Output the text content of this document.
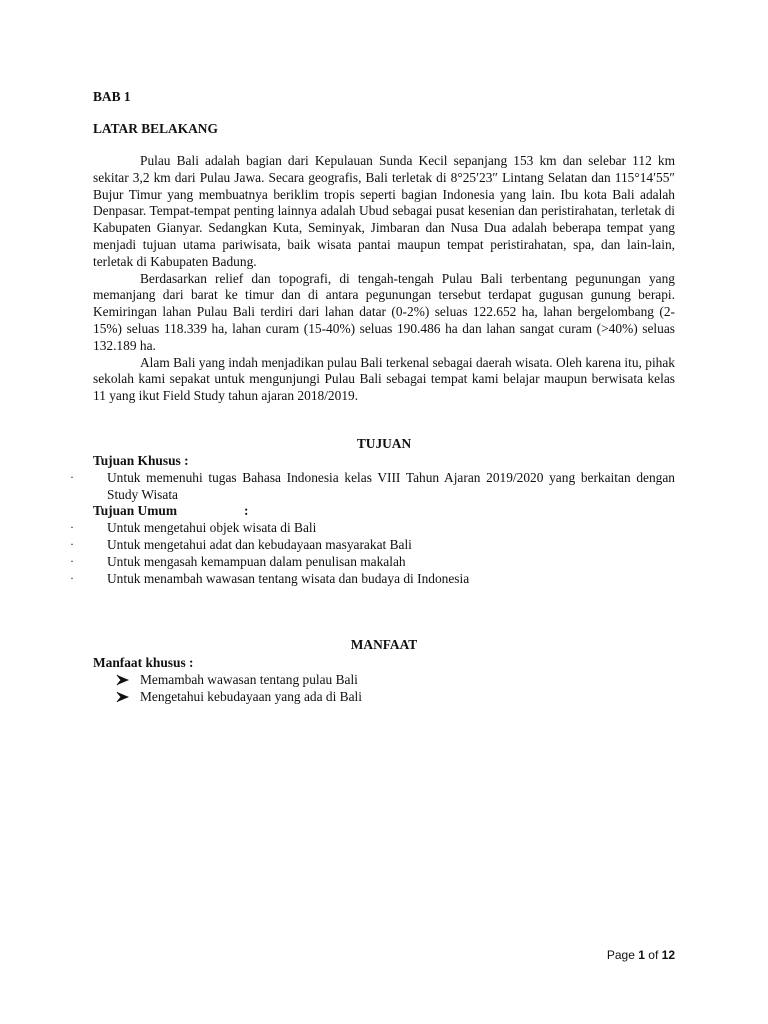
BAB 1
LATAR BELAKANG

Pulau Bali adalah bagian dari Kepulauan Sunda Kecil sepanjang 153 km dan selebar 112 km sekitar 3,2 km dari Pulau Jawa. Secara geografis, Bali terletak di 8°25′23″ Lintang Selatan dan 115°14′55″ Bujur Timur yang membuatnya beriklim tropis seperti bagian Indonesia yang lain. Ibu kota Bali adalah Denpasar. Tempat-tempat penting lainnya adalah Ubud sebagai pusat kesenian dan peristirahatan, terletak di Kabupaten Gianyar. Sedangkan Kuta, Seminyak, Jimbaran dan Nusa Dua adalah beberapa tempat yang menjadi tujuan utama pariwisata, baik wisata pantai maupun tempat peristirahatan, spa, dan lain-lain, terletak di Kabupaten Badung.

Berdasarkan relief dan topografi, di tengah-tengah Pulau Bali terbentang pegunungan yang memanjang dari barat ke timur dan di antara pegunungan tersebut terdapat gugusan gunung berapi. Kemiringan lahan Pulau Bali terdiri dari lahan datar (0-2%) seluas 122.652 ha, lahan bergelombang (2-15%) seluas 118.339 ha, lahan curam (15-40%) seluas 190.486 ha dan lahan sangat curam (>40%) seluas 132.189 ha.

Alam Bali yang indah menjadikan pulau Bali terkenal sebagai daerah wisata. Oleh karena itu, pihak sekolah kami sepakat untuk mengunjungi Pulau Bali sebagai tempat kami belajar maupun berwisata kelas 11 yang ikut Field Study tahun ajaran 2018/2019.

TUJUAN
Tujuan Khusus :
· Untuk memenuhi tugas Bahasa Indonesia kelas VIII Tahun Ajaran 2019/2020 yang berkaitan dengan Study Wisata
Tujuan Umum	:
· Untuk mengetahui objek wisata di Bali
· Untuk mengetahui adat dan kebudayaan masyarakat Bali
· Untuk mengasah kemampuan dalam penulisan makalah
· Untuk menambah wawasan tentang wisata dan budaya di Indonesia
MANFAAT
Manfaat khusus :
Memambah wawasan tentang pulau Bali
Mengetahui kebudayaan yang ada di Bali
Page 1 of 12
